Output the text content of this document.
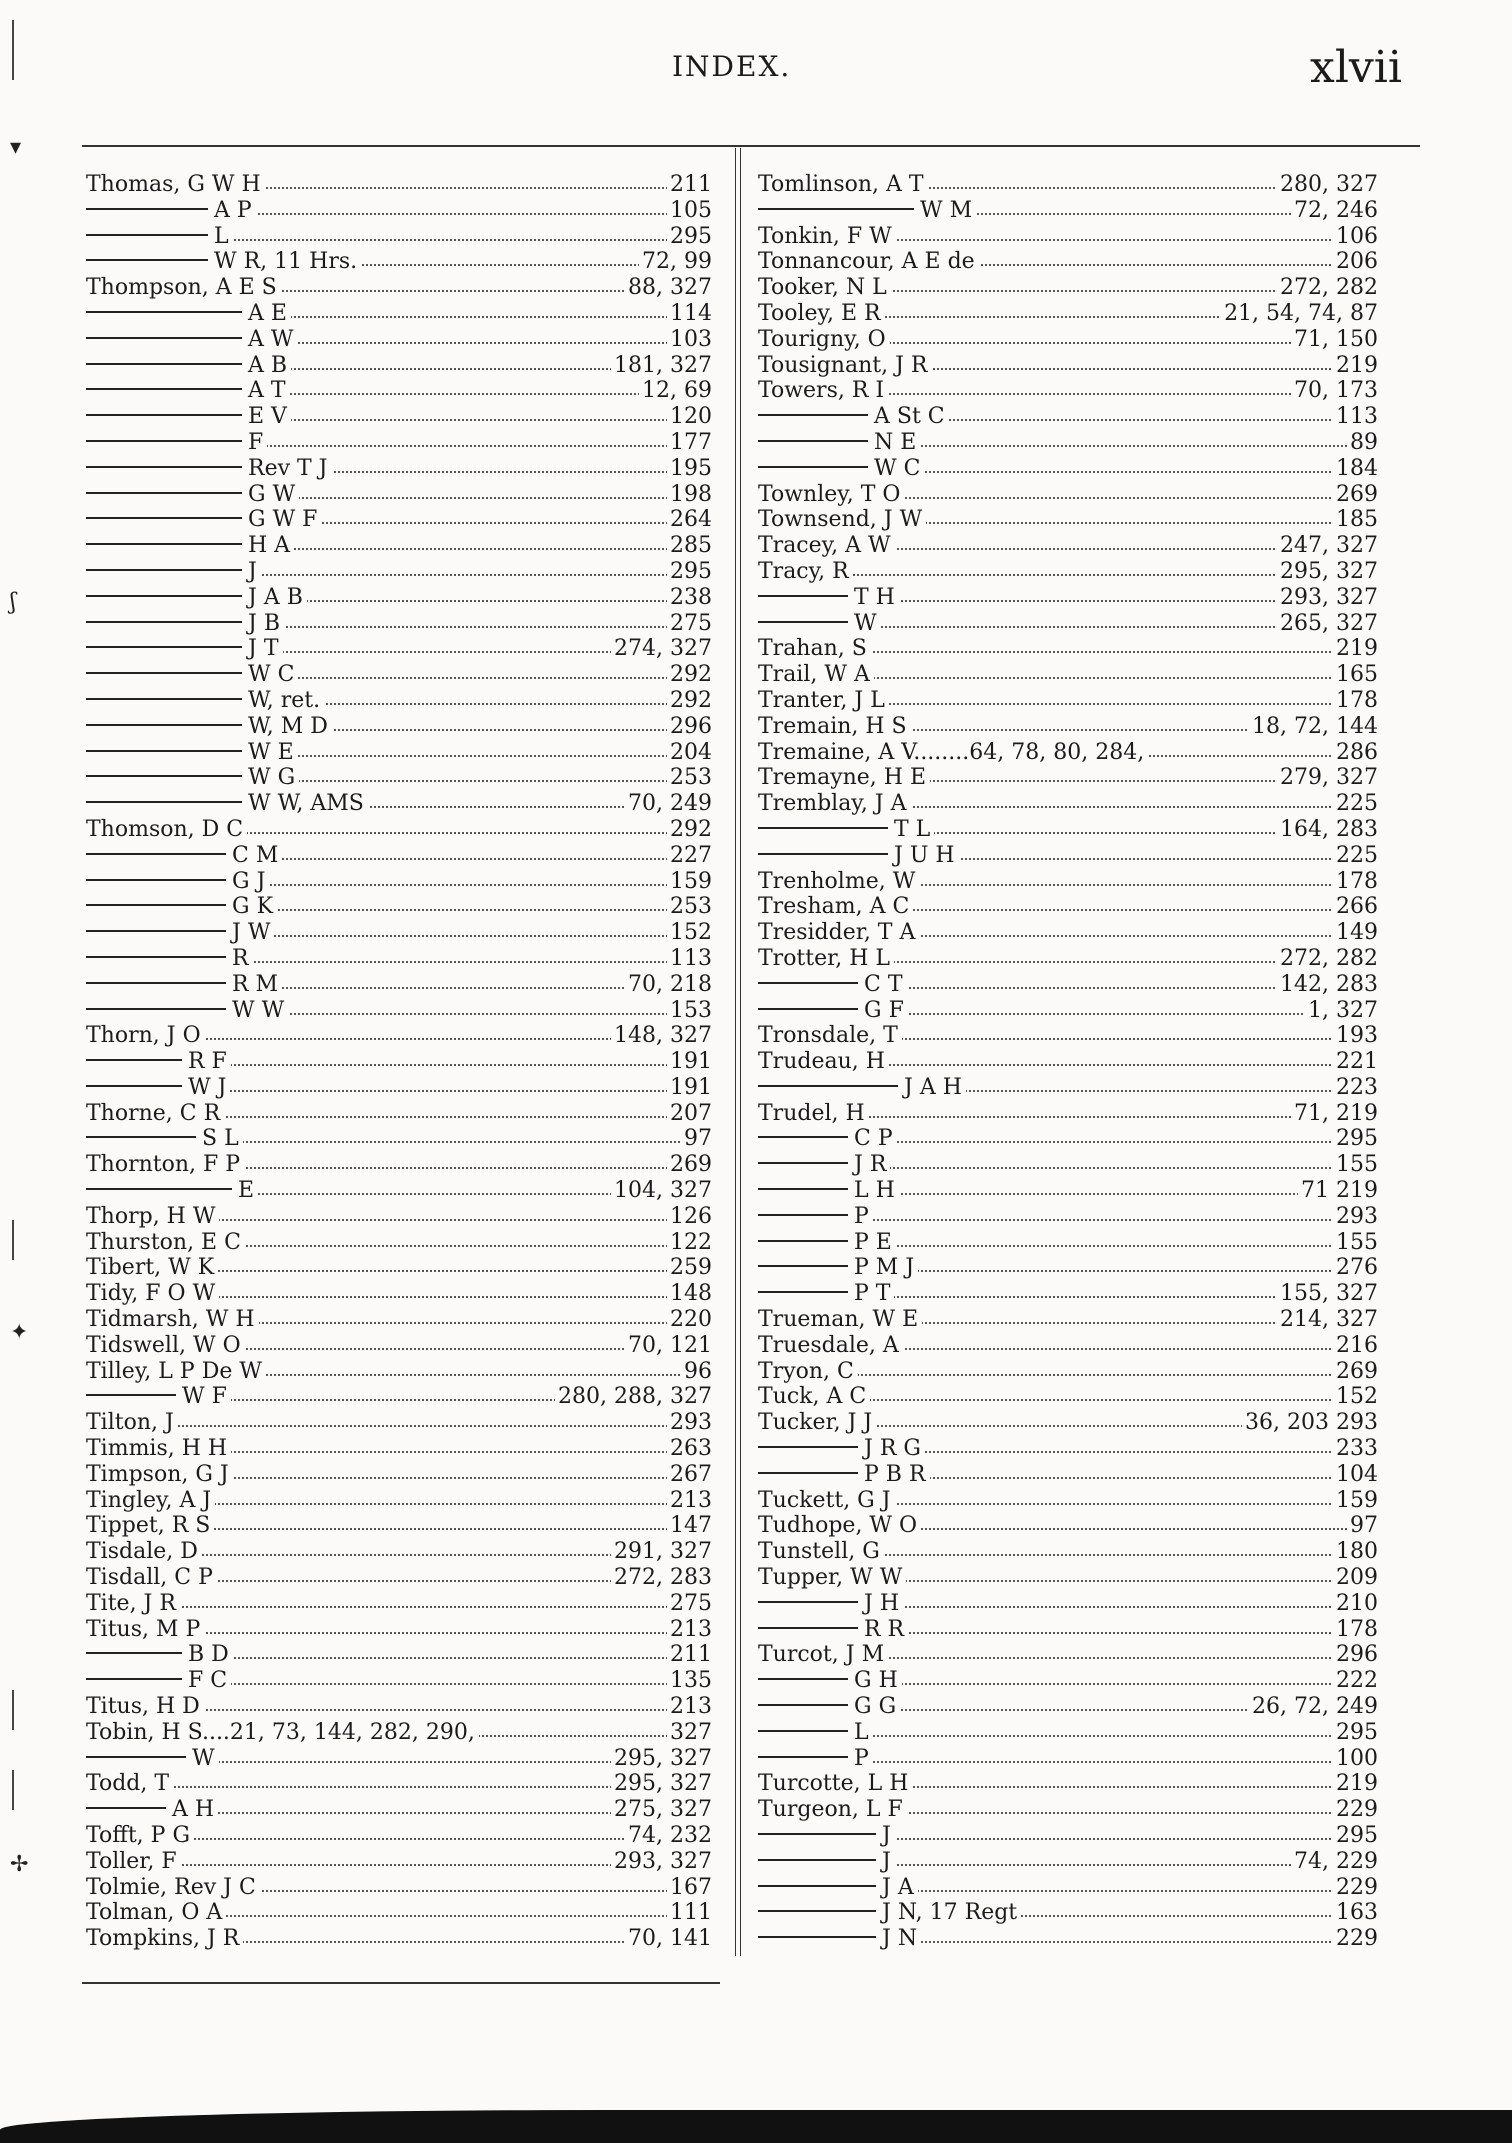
INDEX.	xlvii
Thomas, G W H	211
A P	105
L	295
W R, 11 Hrs.	72, 99
Thompson, A E S	88, 327
A E	114
A W	103
A B	181, 327
A T	12, 69
E V	120
F	177
Rev T J	195
G W	198
G W F	264
H A	285
J	295
J A B	238
J B	275
J T	274, 327
W C	292
W, ret.	292
W, M D	296
W E	204
W G	253
W W, AMS	70, 249
Thomson, D C	292
C M	227
G J	159
G K	253
J W	152
R	113
R M	70, 218
W W	153
Thorn, J O	148, 327
R F	191
W J	191
Thorne, C R	207
S L	97
Thornton, F P	269
E	104, 327
Thorp, H W	126
Thurston, E C	122
Tibert, W K	259
Tidy, F O W	148
Tidmarsh, W H	220
Tidswell, W O	70, 121
Tilley, L P De W	96
W F	280, 288, 327
Tilton, J	293
Timmis, H H	263
Timpson, G J	267
Tingley, A J	213
Tippet, R S	147
Tisdale, D	291, 327
Tisdall, C P	272, 283
Tite, J R	275
Titus, M P	213
B D	211
F C	135
Titus, H D	213
Tobin, H S....21, 73, 144, 282, 290,	327
W	295, 327
Todd, T	295, 327
A H	275, 327
Tofft, P G	74, 232
Toller, F	293, 327
Tolmie, Rev J C	167
Tolman, O A	111
Tompkins, J R	70, 141
Tomlinson, A T	280, 327
W M	72, 246
Tonkin, F W	106
Tonnancour, A E de	206
Tooker, N L	272, 282
Tooley, E R	21, 54, 74, 87
Tourigny, O	71, 150
Tousignant, J R	219
Towers, R I	70, 173
A St C	113
N E	89
W C	184
Townley, T O	269
Townsend, J W	185
Tracey, A W	247, 327
Tracy, R	295, 327
T H	293, 327
W	265, 327
Trahan, S	219
Trail, W A	165
Tranter, J L	178
Tremain, H S	18, 72, 144
Tremaine, A V........64, 78, 80, 284,	286
Tremayne, H E	279, 327
Tremblay, J A	225
T L	164, 283
J U H	225
Trenholme, W	178
Tresham, A C	266
Tresidder, T A	149
Trotter, H L	272, 282
C T	142, 283
G F	1, 327
Tronsdale, T	193
Trudeau, H	221
J A H	223
Trudel, H	71, 219
C P	295
J R	155
L H	71 219
P	293
P E	155
P M J	276
P T	155, 327
Trueman, W E	214, 327
Truesdale, A	216
Tryon, C	269
Tuck, A C	152
Tucker, J J	36, 203 293
J R G	233
P B R	104
Tuckett, G J	159
Tudhope, W O	97
Tunstell, G	180
Tupper, W W	209
J H	210
R R	178
Turcot, J M	296
G H	222
G G	26, 72, 249
L	295
P	100
Turcotte, L H	219
Turgeon, L F	229
J	295
J	74, 229
J A	229
J N, 17 Regt	163
J N	229
▾
ʃ
✦
✢
